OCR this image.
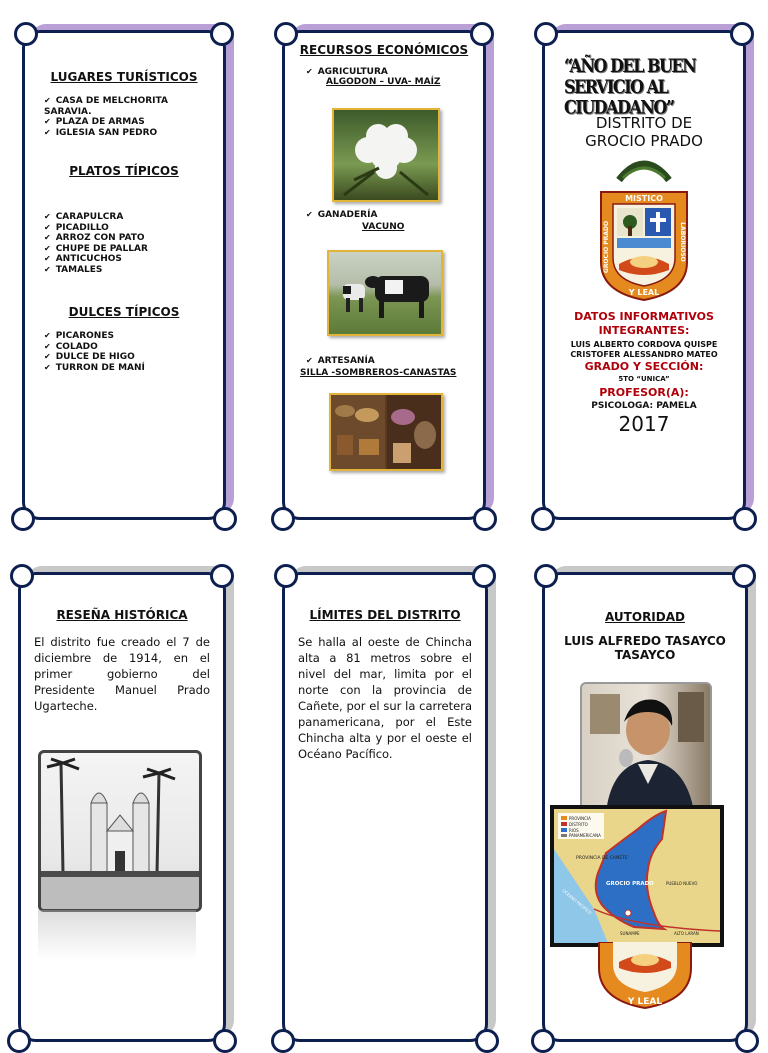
LUGARES TURÍSTICOS
✔ CASA DE MELCHORITA SARAVIA.
✔ PLAZA DE ARMAS
✔ IGLESIA SAN PEDRO
PLATOS TÍPICOS
✔ CARAPULCRA
✔ PICADILLO
✔ ARROZ CON PATO
✔ CHUPE DE PALLAR
✔ ANTICUCHOS
✔ TAMALES
DULCES TÍPICOS
✔ PICARONES
✔ COLADO
✔ DULCE DE HIGO
✔ TURRON DE MANÍ
RECURSOS ECONÓMICOS
✔ AGRICULTURA
ALGODON – UVA- MAÍZ
✔ GANADERÍA
VACUNO
✔ ARTESANÍA
SILLA -SOMBREROS-CANASTAS
“AÑO DEL BUEN SERVICIO AL CIUDADANO”
DISTRITO DE
GROCIO PRADO
MISTICO
GROCIO PRADO	LABORIOSO
Y LEAL
DATOS INFORMATIVOS
INTEGRANTES:
LUIS ALBERTO CORDOVA QUISPE
CRISTOFER ALESSANDRO MATEO
GRADO Y SECCIÓN:
5TO “UNICA”
PROFESOR(A):
PSICOLOGA: PAMELA
2017
RESEÑA HISTÓRICA
El distrito fue creado el 7 de diciembre de 1914, en el primer gobierno del Presidente Manuel Prado Ugarteche.
LÍMITES DEL DISTRITO
Se halla al oeste de Chincha alta a 81 metros sobre el nivel del mar, limita por el norte con la provincia de Cañete, por el sur la carretera panamericana, por el Este Chincha alta y por el oeste el Océano Pacífico.
AUTORIDAD
LUIS ALFREDO TASAYCO
TASAYCO
PROVINCIA
DISTRITO
RIOS
PANAMERICANA
PROVINCIA DE CAÑETE
GROCIO PRADO	PUEBLO NUEVO
OCEANO PACIFICO
SUNAMPE	ALTO LARAN
Y LEAL
